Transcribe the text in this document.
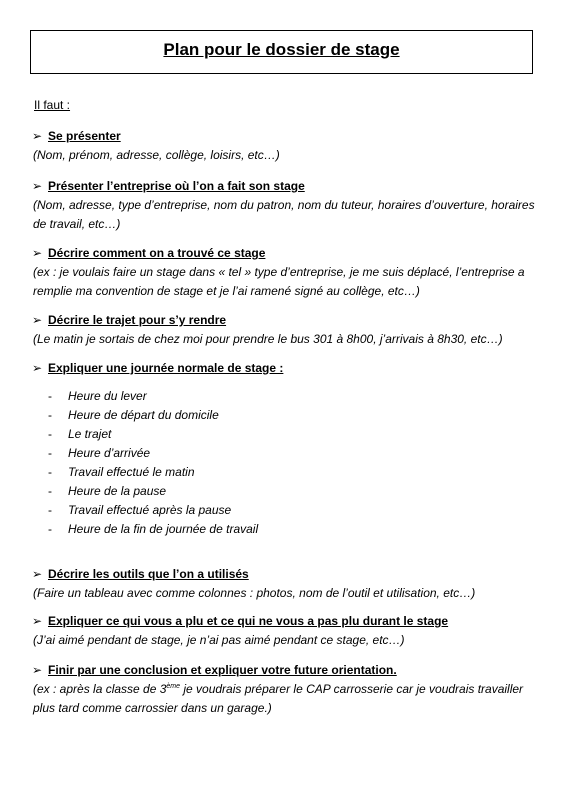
Plan pour le dossier de stage
Il faut :
➢ Se présenter
(Nom, prénom, adresse, collège, loisirs, etc…)
➢ Présenter l’entreprise où l’on a fait son stage
(Nom, adresse, type d’entreprise, nom du patron, nom du tuteur, horaires d’ouverture, horaires de travail, etc…)
➢ Décrire comment on a trouvé ce stage
(ex : je voulais faire un stage dans « tel » type d’entreprise, je me suis déplacé, l’entreprise a remplie ma convention de stage et je l’ai ramené signé au collège, etc…)
➢ Décrire le trajet pour s’y rendre
(Le matin je sortais de chez moi pour prendre le bus 301 à 8h00, j’arrivais à 8h30, etc…)
➢ Expliquer une journée normale de stage :
-	Heure du lever
-	Heure de départ du domicile
-	Le trajet
-	Heure d’arrivée
-	Travail effectué le matin
-	Heure de la pause
-	Travail effectué après la pause
-	Heure de la fin de journée de travail
➢ Décrire les outils que l’on a utilisés
(Faire un tableau avec comme colonnes : photos, nom de l’outil et utilisation, etc…)
➢ Expliquer ce qui vous a plu et ce qui ne vous a pas plu durant le stage
(J’ai aimé pendant de stage, je n’ai pas aimé pendant ce stage, etc…)
➢ Finir par une conclusion et expliquer votre future orientation.
(ex : après la classe de 3ème je voudrais préparer le CAP carrosserie car je voudrais travailler plus tard comme carrossier dans un garage.)
